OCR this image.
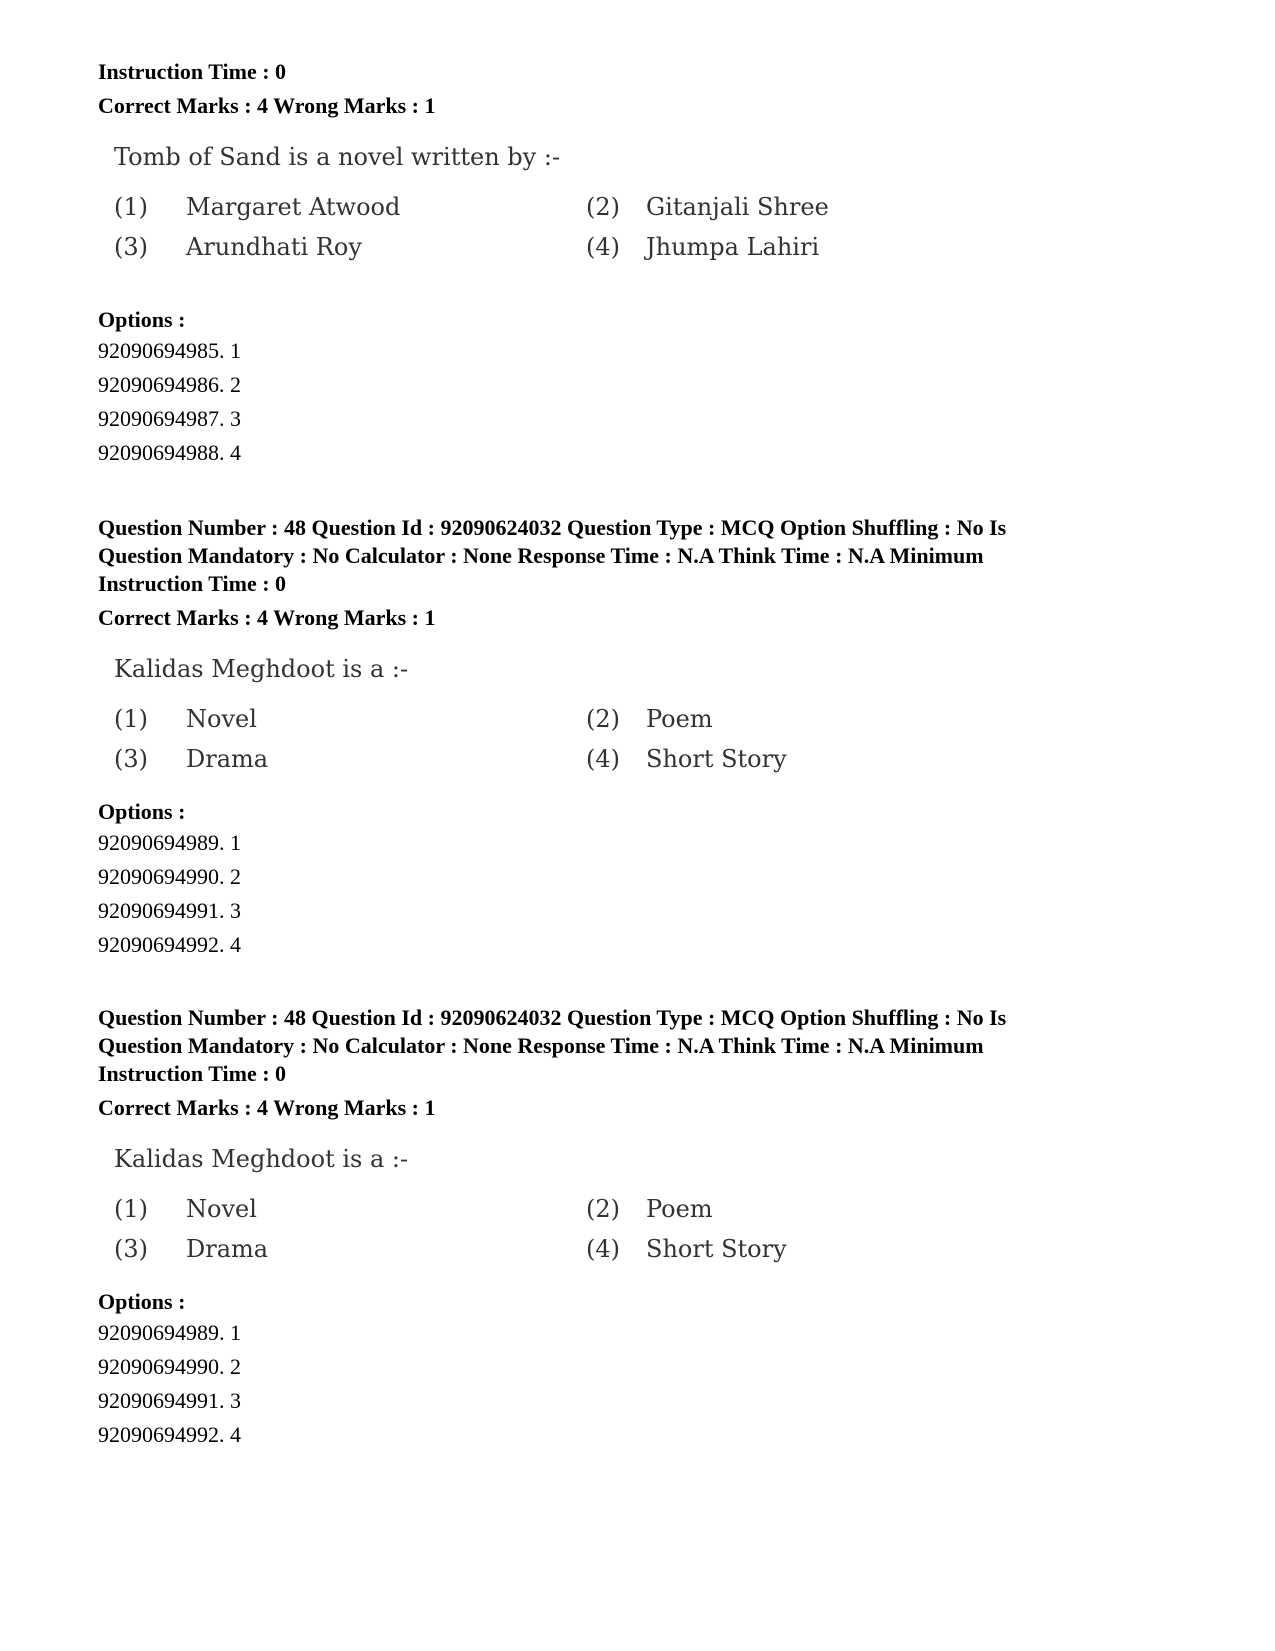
Instruction Time : 0
Correct Marks : 4 Wrong Marks : 1
Tomb of Sand is a novel written by :-
(1)	Margaret Atwood	(2)	Gitanjali Shree
(3)	Arundhati Roy	(4)	Jhumpa Lahiri
Options :
92090694985. 1
92090694986. 2
92090694987. 3
92090694988. 4
Question Number : 48 Question Id : 92090624032 Question Type : MCQ Option Shuffling : No Is
Question Mandatory : No Calculator : None Response Time : N.A Think Time : N.A Minimum
Instruction Time : 0
Correct Marks : 4 Wrong Marks : 1
Kalidas Meghdoot is a :-
(1)	Novel	(2)	Poem
(3)	Drama	(4)	Short Story
Options :
92090694989. 1
92090694990. 2
92090694991. 3
92090694992. 4
Question Number : 48 Question Id : 92090624032 Question Type : MCQ Option Shuffling : No Is
Question Mandatory : No Calculator : None Response Time : N.A Think Time : N.A Minimum
Instruction Time : 0
Correct Marks : 4 Wrong Marks : 1
Kalidas Meghdoot is a :-
(1)	Novel	(2)	Poem
(3)	Drama	(4)	Short Story
Options :
92090694989. 1
92090694990. 2
92090694991. 3
92090694992. 4
